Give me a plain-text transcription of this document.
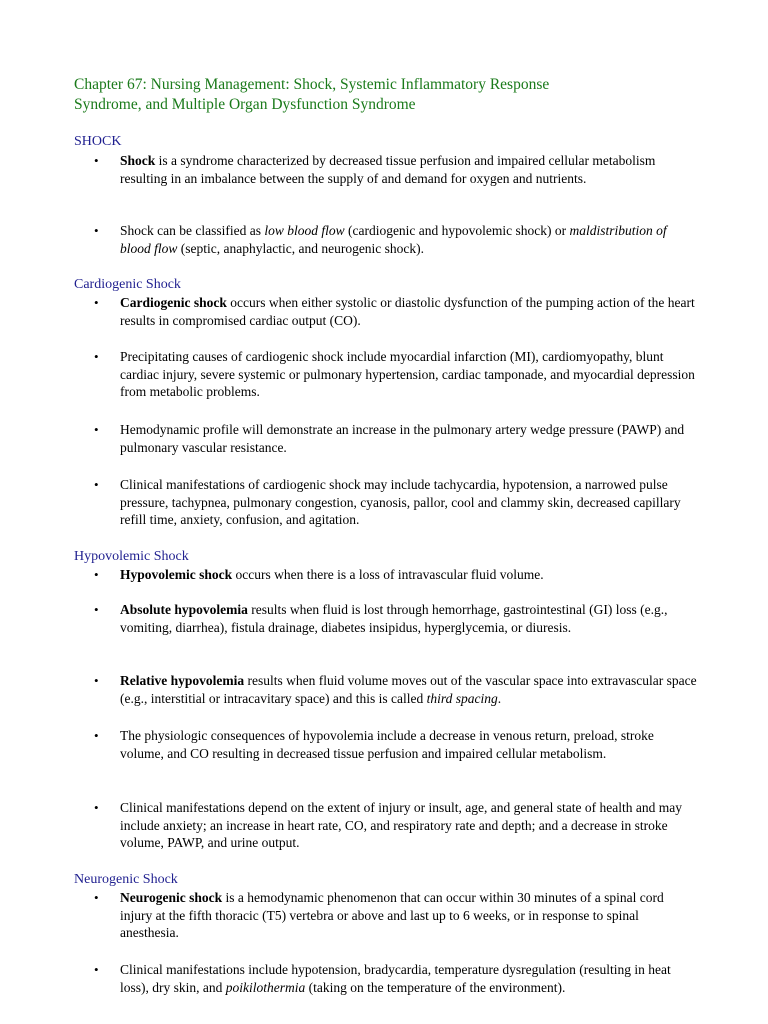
Chapter 67: Nursing Management: Shock, Systemic Inflammatory Response
Syndrome, and Multiple Organ Dysfunction Syndrome
SHOCK
• Shock is a syndrome characterized by decreased tissue perfusion and impaired cellular metabolism resulting in an imbalance between the supply of and demand for oxygen and nutrients.
• Shock can be classified as low blood flow (cardiogenic and hypovolemic shock) or maldistribution of blood flow (septic, anaphylactic, and neurogenic shock).
Cardiogenic Shock
• Cardiogenic shock occurs when either systolic or diastolic dysfunction of the pumping action of the heart results in compromised cardiac output (CO).
• Precipitating causes of cardiogenic shock include myocardial infarction (MI), cardiomyopathy, blunt cardiac injury, severe systemic or pulmonary hypertension, cardiac tamponade, and myocardial depression from metabolic problems.
• Hemodynamic profile will demonstrate an increase in the pulmonary artery wedge pressure (PAWP) and pulmonary vascular resistance.
• Clinical manifestations of cardiogenic shock may include tachycardia, hypotension, a narrowed pulse pressure, tachypnea, pulmonary congestion, cyanosis, pallor, cool and clammy skin, decreased capillary refill time, anxiety, confusion, and agitation.
Hypovolemic Shock
• Hypovolemic shock occurs when there is a loss of intravascular fluid volume.
• Absolute hypovolemia results when fluid is lost through hemorrhage, gastrointestinal (GI) loss (e.g., vomiting, diarrhea), fistula drainage, diabetes insipidus, hyperglycemia, or diuresis.
• Relative hypovolemia results when fluid volume moves out of the vascular space into extravascular space (e.g., interstitial or intracavitary space) and this is called third spacing.
• The physiologic consequences of hypovolemia include a decrease in venous return, preload, stroke volume, and CO resulting in decreased tissue perfusion and impaired cellular metabolism.
• Clinical manifestations depend on the extent of injury or insult, age, and general state of health and may include anxiety; an increase in heart rate, CO, and respiratory rate and depth; and a decrease in stroke volume, PAWP, and urine output.
Neurogenic Shock
• Neurogenic shock is a hemodynamic phenomenon that can occur within 30 minutes of a spinal cord injury at the fifth thoracic (T5) vertebra or above and last up to 6 weeks, or in response to spinal anesthesia.
• Clinical manifestations include hypotension, bradycardia, temperature dysregulation (resulting in heat loss), dry skin, and poikilothermia (taking on the temperature of the environment).
